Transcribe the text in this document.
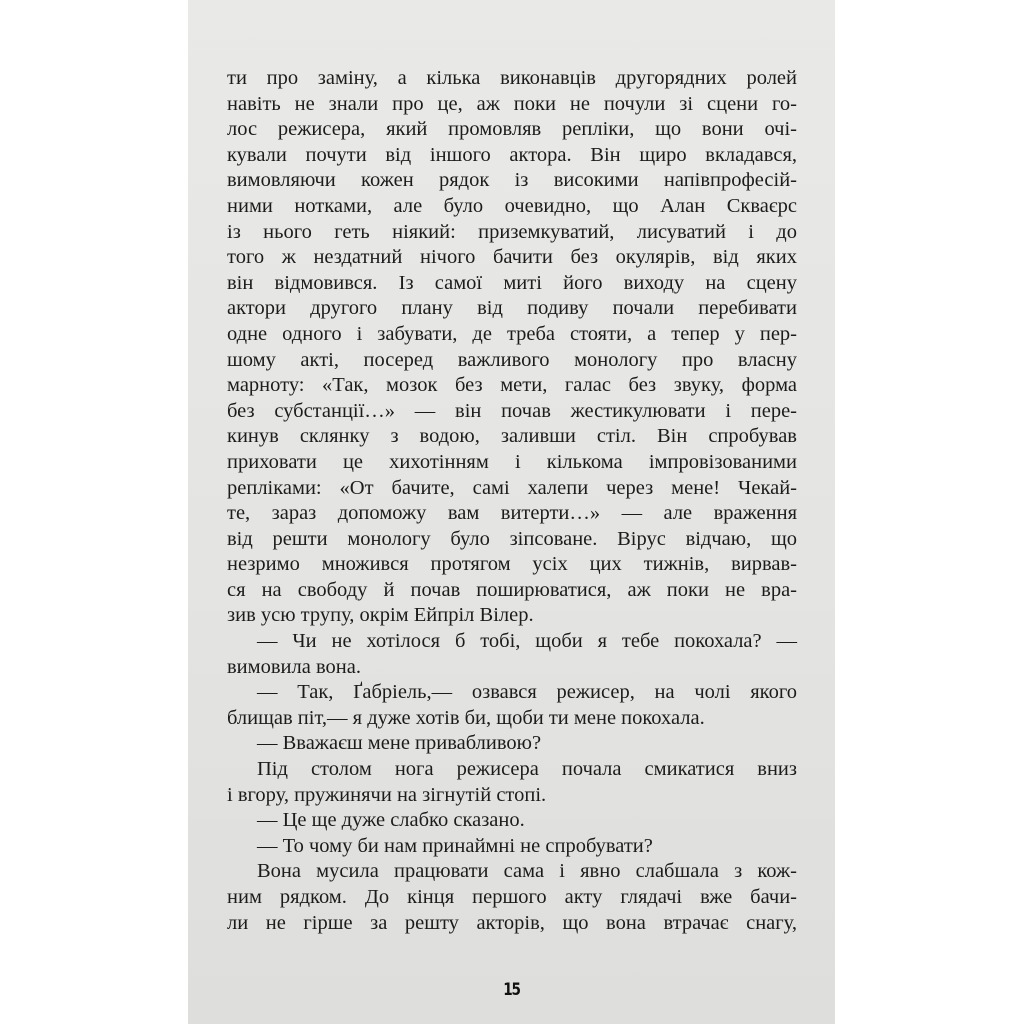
ти про заміну, а кілька виконавців другорядних ролей
навіть не знали про це, аж поки не почули зі сцени го-
лос режисера, який промовляв репліки, що вони очі-
кували почути від іншого актора. Він щиро вкладався,
вимовляючи кожен рядок із високими напівпрофесій-
ними нотками, але було очевидно, що Алан Скваєрс
із нього геть ніякий: приземкуватий, лисуватий і до
того ж нездатний нічого бачити без окулярів, від яких
він відмовився. Із самої миті його виходу на сцену
актори другого плану від подиву почали перебивати
одне одного і забувати, де треба стояти, а тепер у пер-
шому акті, посеред важливого монологу про власну
марноту: «Так, мозок без мети, галас без звуку, форма
без субстанції…» — він почав жестикулювати і пере-
кинув склянку з водою, заливши стіл. Він спробував
приховати це хихотінням і кількома імпровізованими
репліками: «От бачите, самі халепи через мене! Чекай-
те, зараз допоможу вам витерти…» — але враження
від решти монологу було зіпсоване. Вірус відчаю, що
незримо множився протягом усіх цих тижнів, вирвав-
ся на свободу й почав поширюватися, аж поки не вра-
зив усю трупу, окрім Ейпріл Вілер.
— Чи не хотілося б тобі, щоби я тебе покохала? —
вимовила вона.
— Так, Ґабріель,— озвався режисер, на чолі якого
блищав піт,— я дуже хотів би, щоби ти мене покохала.
— Вважаєш мене привабливою?
Під столом нога режисера почала смикатися вниз
і вгору, пружинячи на зігнутій стопі.
— Це ще дуже слабко сказано.
— То чому би нам принаймні не спробувати?
Вона мусила працювати сама і явно слабшала з кож-
ним рядком. До кінця першого акту глядачі вже бачи-
ли не гірше за решту акторів, що вона втрачає снагу,
15
